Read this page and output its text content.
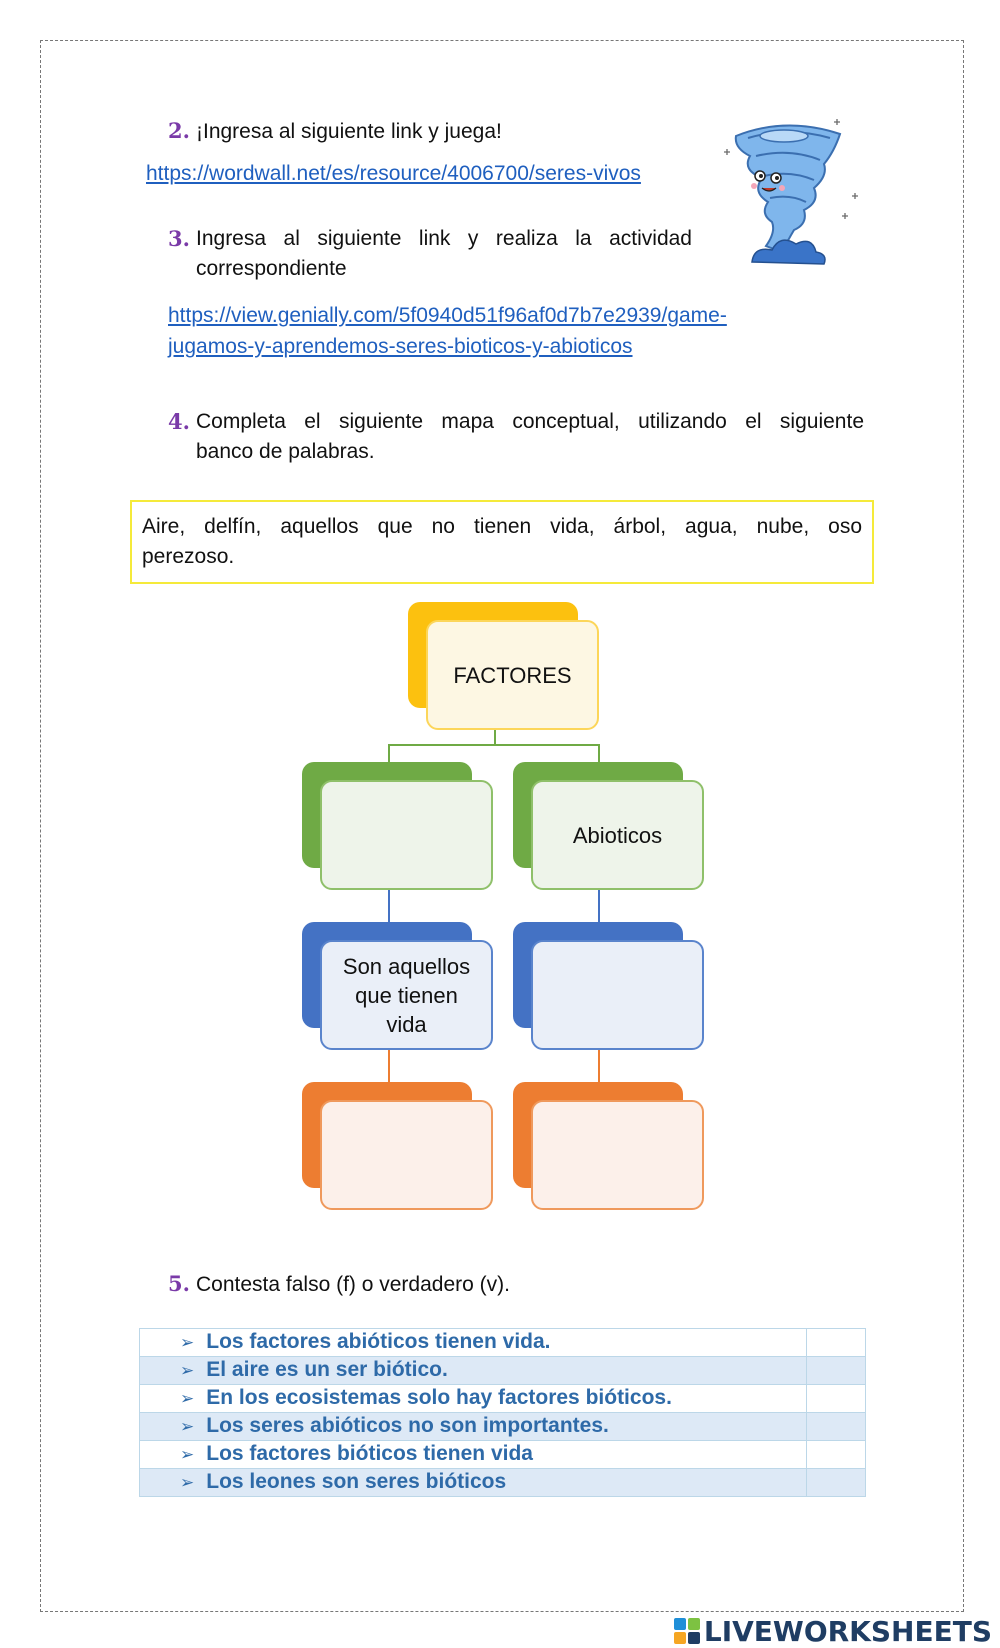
2. ¡Ingresa al siguiente link y juega!
https://wordwall.net/es/resource/4006700/seres-vivos
3. Ingresa al siguiente link y realiza la actividad
correspondiente
https://view.genially.com/5f0940d51f96af0d7b7e2939/game-
jugamos-y-aprendemos-seres-bioticos-y-abioticos
4. Completa el siguiente mapa conceptual, utilizando el siguiente
banco de palabras.
Aire, delfín, aquellos que no tienen vida, árbol, agua, nube, oso
perezoso.
FACTORES
Abioticos
Son aquellos
que tienen
vida
5. Contesta falso (f) o verdadero (v).
➢ Los factores abióticos tienen vida.	
➢ El aire es un ser biótico.	
➢ En los ecosistemas solo hay factores bióticos.	
➢ Los seres abióticos no son importantes.	
➢ Los factores bióticos tienen vida	
➢ Los leones son seres bióticos	
LIVEWORKSHEETS
